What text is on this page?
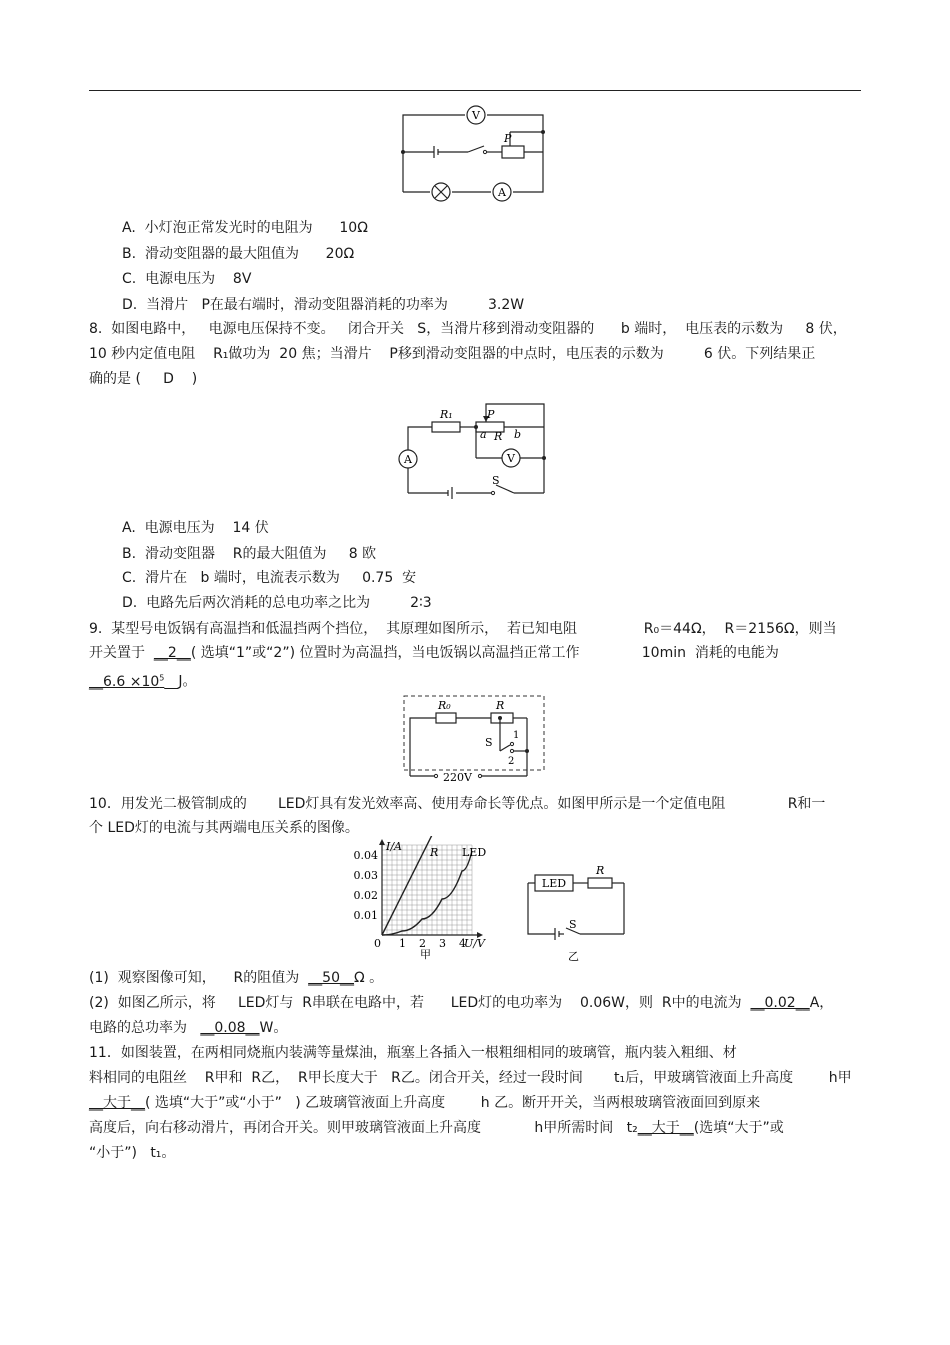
V
A
P
A.  小灯泡正常发光时的电阻为      10Ω
B.  滑动变阻器的最大阻值为      20Ω
C.  电源电压为    8V
D.  当滑片   P在最右端时，滑动变阻器消耗的功率为         3.2W
8.  如图电路中，   电源电压保持不变。   闭合开关   S，当滑片移到滑动变阻器的      b 端时，  电压表的示数为     8 伏，
10 秒内定值电阻    R₁做功为  20 焦；当滑片    P移到滑动变阻器的中点时，电压表的示数为         6 伏。下列结果正
确的是 (     D    )
A	V
R₁	P
a R b
S
A.  电源电压为    14 伏
B.  滑动变阻器    R的最大阻值为     8 欧
C.  滑片在   b 端时，电流表示数为     0.75  安
D.  电路先后两次消耗的总电功率之比为         2∶3
9.  某型号电饭锅有高温挡和低温挡两个挡位，  其原理如图所示，  若已知电阻               R₀＝44Ω，  R＝2156Ω，则当
开关置于  __2__( 选填“1”或“2”) 位置时为高温挡，当电饭锅以高温挡正常工作              10min  消耗的电能为
__6.6 $\times 10^5\_\_J$。
R₀	R
S
1
2
220V
10．用发光二极管制成的       LED灯具有发光效率高、使用寿命长等优点。如图甲所示是一个定值电阻              R和一
个 LED灯的电流与其两端电压关系的图像。
1 2 3 4
0.01
0.02
0.03
0.04
0
R LED
I/A
U/V
甲
LED
R
S
乙
(1)  观察图像可知，    R的阻值为  __50__Ω 。
(2)  如图乙所示，将     LED灯与  R串联在电路中，若      LED灯的电功率为    0.06W，则  R中的电流为  __0.02__A，
电路的总功率为   __0.08__W。
11．如图装置，在两相同烧瓶内装满等量煤油，瓶塞上各插入一根粗细相同的玻璃管，瓶内装入粗细、材
料相同的电阻丝    R甲和  R乙，  R甲长度大于   R乙。闭合开关，经过一段时间       t₁后，甲玻璃管液面上升高度        h甲
__大于__( 选填“大于”或“小于”   ) 乙玻璃管液面上升高度        h 乙。断开开关，当两根玻璃管液面回到原来
高度后，向右移动滑片，再闭合开关。则甲玻璃管液面上升高度            h甲所需时间   t₂__大于__(选填“大于”或
“小于”)   t₁。
